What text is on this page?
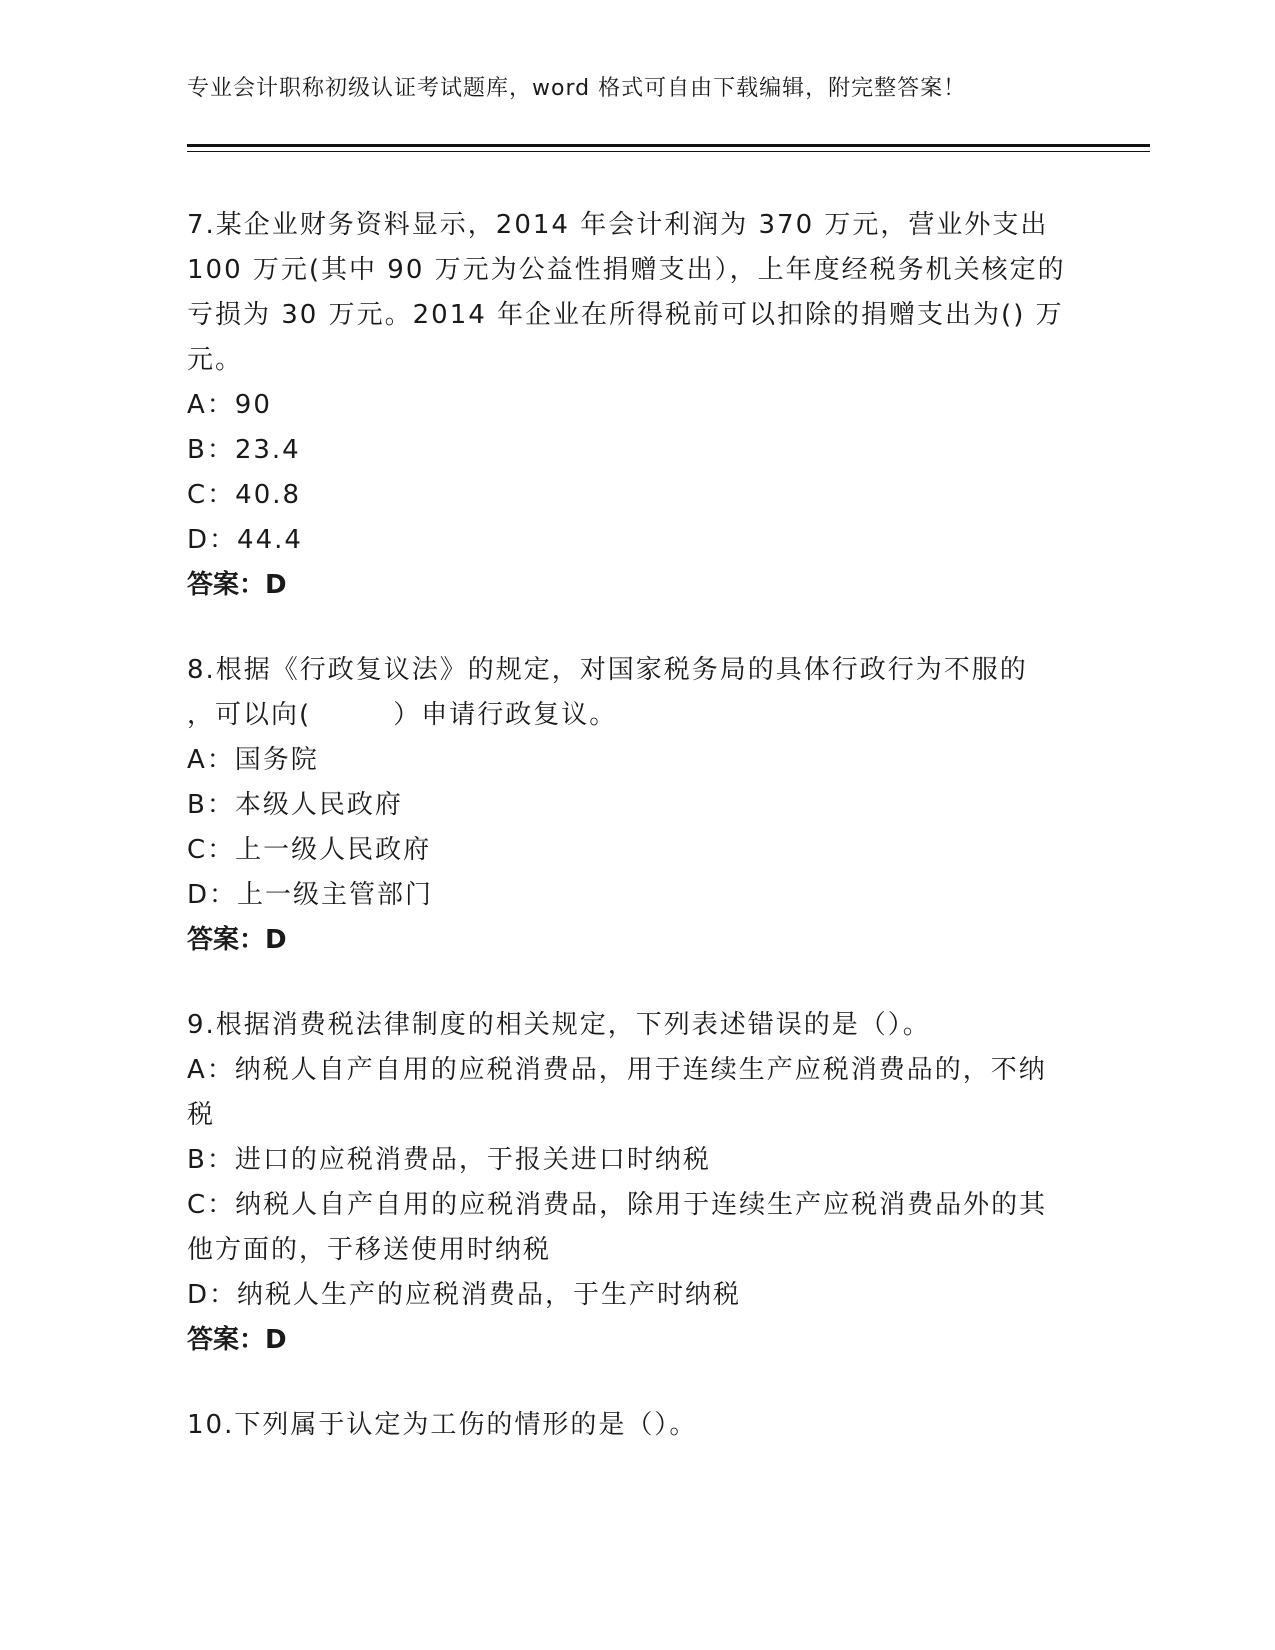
专业会计职称初级认证考试题库，word 格式可自由下载编辑，附完整答案！

7.某企业财务资料显示，2014 年会计利润为 370 万元，营业外支出

100 万元(其中 90 万元为公益性捐赠支出），上年度经税务机关核定的

亏损为 30 万元。2014 年企业在所得税前可以扣除的捐赠支出为() 万

元。

A：90

B：23.4

C：40.8

D：44.4

答案：D

8.根据《行政复议法》的规定，对国家税务局的具体行政行为不服的

，可以向(        ）申请行政复议。

A：国务院

B：本级人民政府

C：上一级人民政府

D：上一级主管部门

答案：D

9.根据消费税法律制度的相关规定，下列表述错误的是（）。

A：纳税人自产自用的应税消费品，用于连续生产应税消费品的，不纳

税

B：进口的应税消费品，于报关进口时纳税

C：纳税人自产自用的应税消费品，除用于连续生产应税消费品外的其

他方面的，于移送使用时纳税

D：纳税人生产的应税消费品，于生产时纳税

答案：D

10.下列属于认定为工伤的情形的是（）。
